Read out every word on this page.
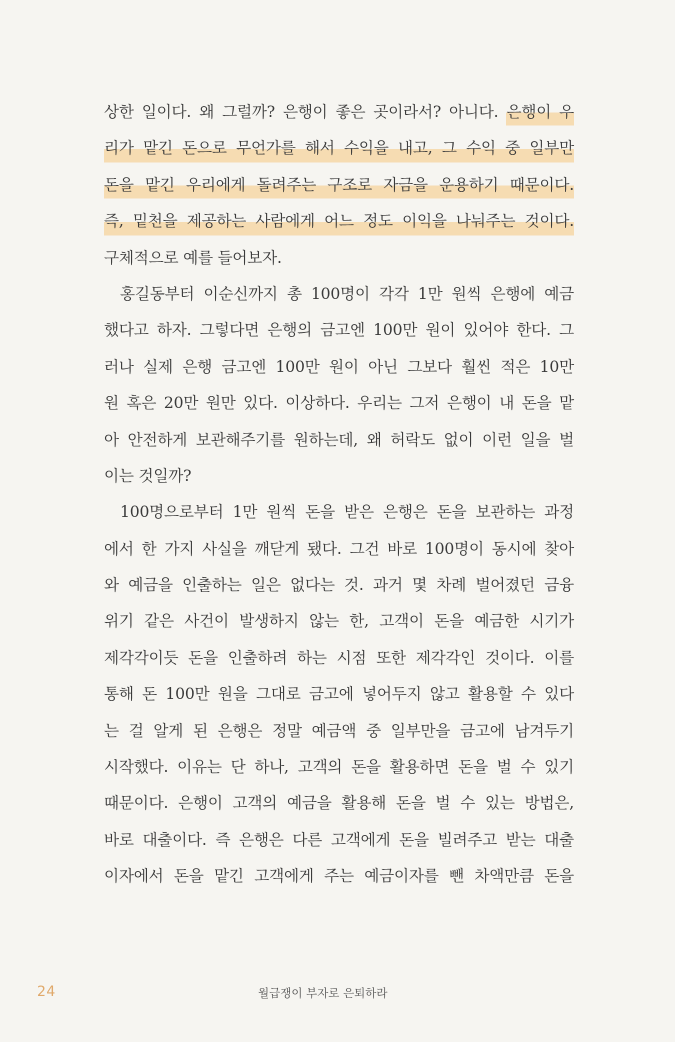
상한 일이다. 왜 그럴까? 은행이 좋은 곳이라서? 아니다. 은행이 우
리가 맡긴 돈으로 무언가를 해서 수익을 내고, 그 수익 중 일부만
돈을 맡긴 우리에게 돌려주는 구조로 자금을 운용하기 때문이다.
즉, 밑천을 제공하는 사람에게 어느 정도 이익을 나눠주는 것이다.
구체적으로 예를 들어보자.
홍길동부터 이순신까지 총 100명이 각각 1만 원씩 은행에 예금
했다고 하자. 그렇다면 은행의 금고엔 100만 원이 있어야 한다. 그
러나 실제 은행 금고엔 100만 원이 아닌 그보다 훨씬 적은 10만
원 혹은 20만 원만 있다. 이상하다. 우리는 그저 은행이 내 돈을 맡
아 안전하게 보관해주기를 원하는데, 왜 허락도 없이 이런 일을 벌
이는 것일까?
100명으로부터 1만 원씩 돈을 받은 은행은 돈을 보관하는 과정
에서 한 가지 사실을 깨닫게 됐다. 그건 바로 100명이 동시에 찾아
와 예금을 인출하는 일은 없다는 것. 과거 몇 차례 벌어졌던 금융
위기 같은 사건이 발생하지 않는 한, 고객이 돈을 예금한 시기가
제각각이듯 돈을 인출하려 하는 시점 또한 제각각인 것이다. 이를
통해 돈 100만 원을 그대로 금고에 넣어두지 않고 활용할 수 있다
는 걸 알게 된 은행은 정말 예금액 중 일부만을 금고에 남겨두기
시작했다. 이유는 단 하나, 고객의 돈을 활용하면 돈을 벌 수 있기
때문이다. 은행이 고객의 예금을 활용해 돈을 벌 수 있는 방법은,
바로 대출이다. 즉 은행은 다른 고객에게 돈을 빌려주고 받는 대출
이자에서 돈을 맡긴 고객에게 주는 예금이자를 뺀 차액만큼 돈을
24	월급쟁이 부자로 은퇴하라
